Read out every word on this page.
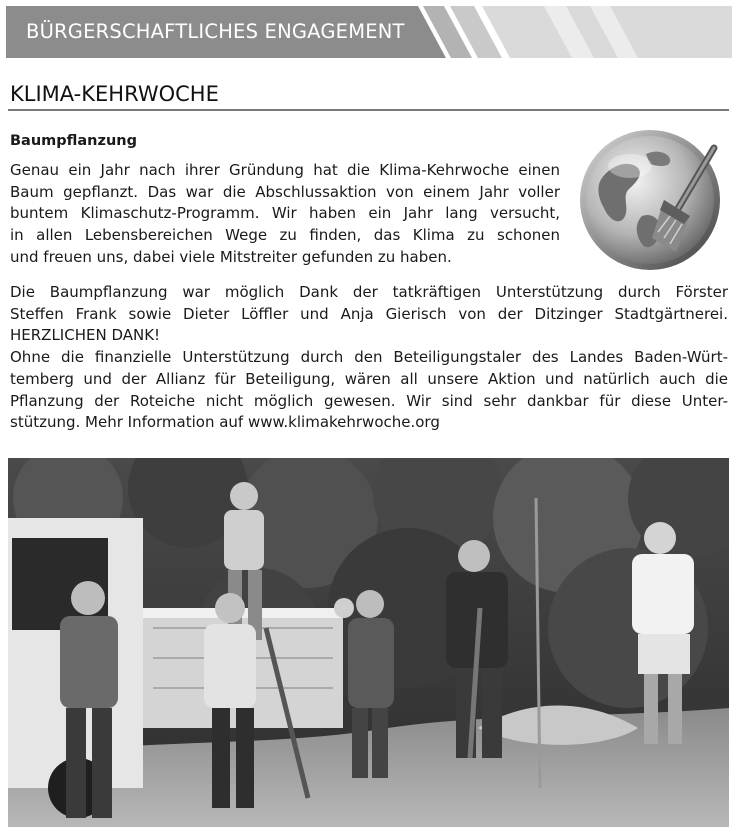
BÜRGERSCHAFTLICHES ENGAGEMENT
KLIMA-KEHRWOCHE
Baumpflanzung
Genau ein Jahr nach ihrer Gründung hat die Klima-Kehrwoche einen
Baum gepflanzt. Das war die Abschlussaktion von einem Jahr voller
buntem Klimaschutz-Programm. Wir haben ein Jahr lang versucht,
in allen Lebensbereichen Wege zu finden, das Klima zu schonen
und freuen uns, dabei viele Mitstreiter gefunden zu haben.
Die Baumpflanzung war möglich Dank der tatkräftigen Unterstützung durch Förster
Steffen Frank sowie Dieter Löffler und Anja Gierisch von der Ditzinger Stadtgärtnerei.
HERZLICHEN DANK!
Ohne die finanzielle Unterstützung durch den Beteiligungstaler des Landes Baden-Würt-
temberg und der Allianz für Beteiligung, wären all unsere Aktion und natürlich auch die
Pflanzung der Roteiche nicht möglich gewesen. Wir sind sehr dankbar für diese Unter-
stützung. Mehr Information auf www.klimakehrwoche.org
